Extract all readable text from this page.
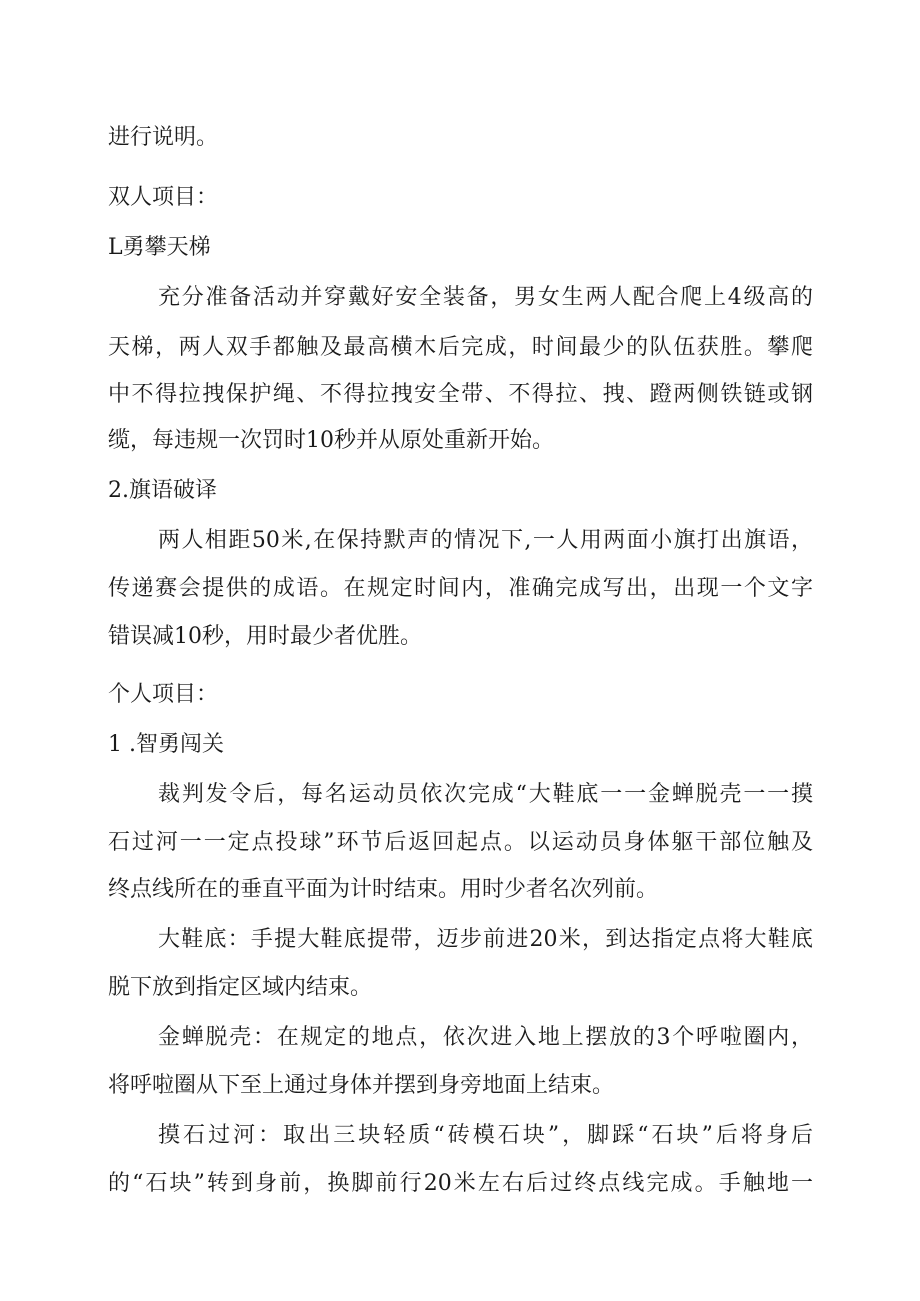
进行说明。
双人项目：
L勇攀天梯
充分准备活动并穿戴好安全装备，男女生两人配合爬上4级高的
天梯，两人双手都触及最高横木后完成，时间最少的队伍获胜。攀爬
中不得拉拽保护绳、不得拉拽安全带、不得拉、拽、蹬两侧铁链或钢
缆，每违规一次罚时10秒并从原处重新开始。
2.旗语破译
两人相距50米,在保持默声的情况下,一人用两面小旗打出旗语，
传递赛会提供的成语。在规定时间内，准确完成写出，出现一个文字
错误减10秒，用时最少者优胜。
个人项目：
1 .智勇闯关
裁判发令后，每名运动员依次完成“大鞋底一一金蝉脱壳一一摸
石过河一一定点投球”环节后返回起点。以运动员身体躯干部位触及
终点线所在的垂直平面为计时结束。用时少者名次列前。
大鞋底：手提大鞋底提带，迈步前进20米，到达指定点将大鞋底
脱下放到指定区域内结束。
金蝉脱壳：在规定的地点，依次进入地上摆放的3个呼啦圈内，
将呼啦圈从下至上通过身体并摆到身旁地面上结束。
摸石过河：取出三块轻质“砖模石块”，脚踩“石块”后将身后
的“石块”转到身前，换脚前行20米左右后过终点线完成。手触地一
